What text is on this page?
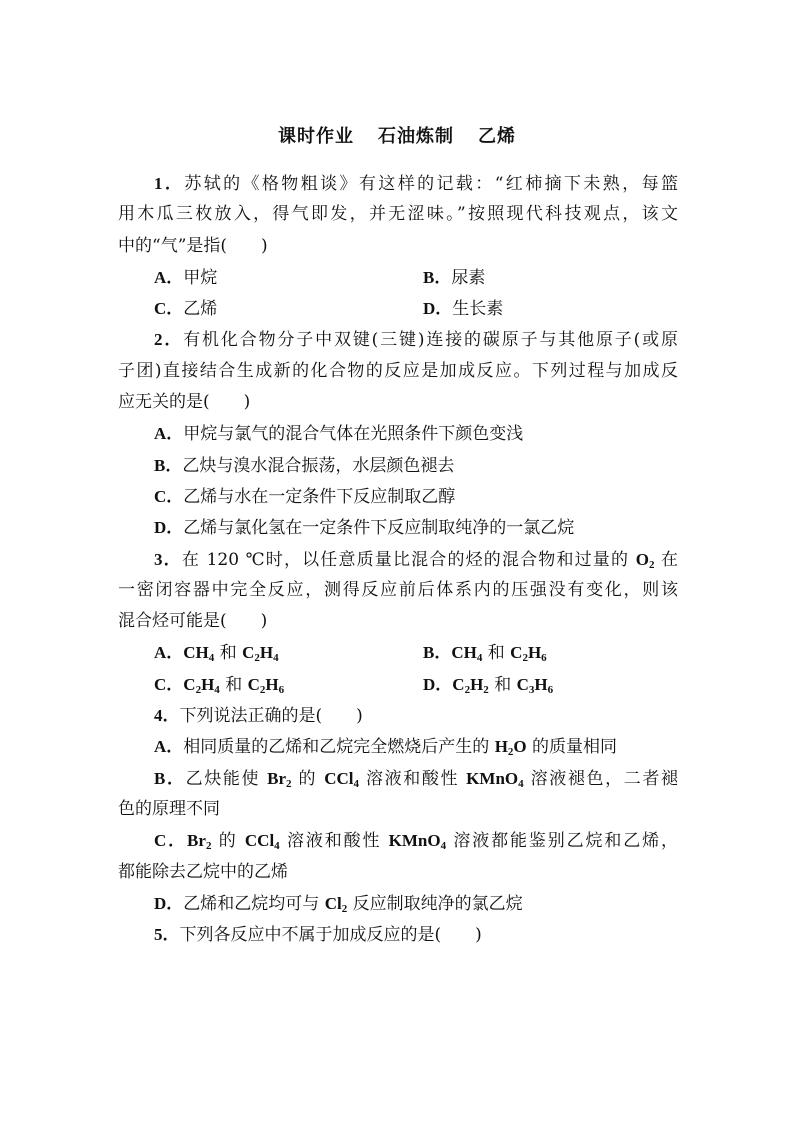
课时作业 石油炼制 乙烯
1．苏轼的《格物粗谈》有这样的记载：“红柿摘下未熟，每篮
用木瓜三枚放入，得气即发，并无涩味。”按照现代科技观点，该文
中的“气”是指(　　)
A．甲烷	B．尿素
C．乙烯	D．生长素
2．有机化合物分子中双键(三键)连接的碳原子与其他原子(或原
子团)直接结合生成新的化合物的反应是加成反应。下列过程与加成反
应无关的是(　　)
A．甲烷与氯气的混合气体在光照条件下颜色变浅
B．乙炔与溴水混合振荡，水层颜色褪去
C．乙烯与水在一定条件下反应制取乙醇
D．乙烯与氯化氢在一定条件下反应制取纯净的一氯乙烷
3．在 120 ℃时，以任意质量比混合的烃的混合物和过量的 $O_2$ 在
一密闭容器中完全反应，测得反应前后体系内的压强没有变化，则该
混合烃可能是(　　)
A．$CH_4$ 和 $C_2H_4$	B．$CH_4$ 和 $C_2H_6$
C．$C_2H_4$ 和 $C_2H_6$	D．$C_2H_2$ 和 $C_3H_6$
4．下列说法正确的是(　　)
A．相同质量的乙烯和乙烷完全燃烧后产生的 $H_2O$ 的质量相同
B．乙炔能使 $Br_2$ 的 CCl$_4$ 溶液和酸性 KMnO$_4$ 溶液褪色，二者褪
色的原理不同
C．$Br_2$ 的 CCl$_4$ 溶液和酸性 KMnO$_4$ 溶液都能鉴别乙烷和乙烯，
都能除去乙烷中的乙烯
D．乙烯和乙烷均可与 $Cl_2$ 反应制取纯净的氯乙烷
5．下列各反应中不属于加成反应的是(　　)
